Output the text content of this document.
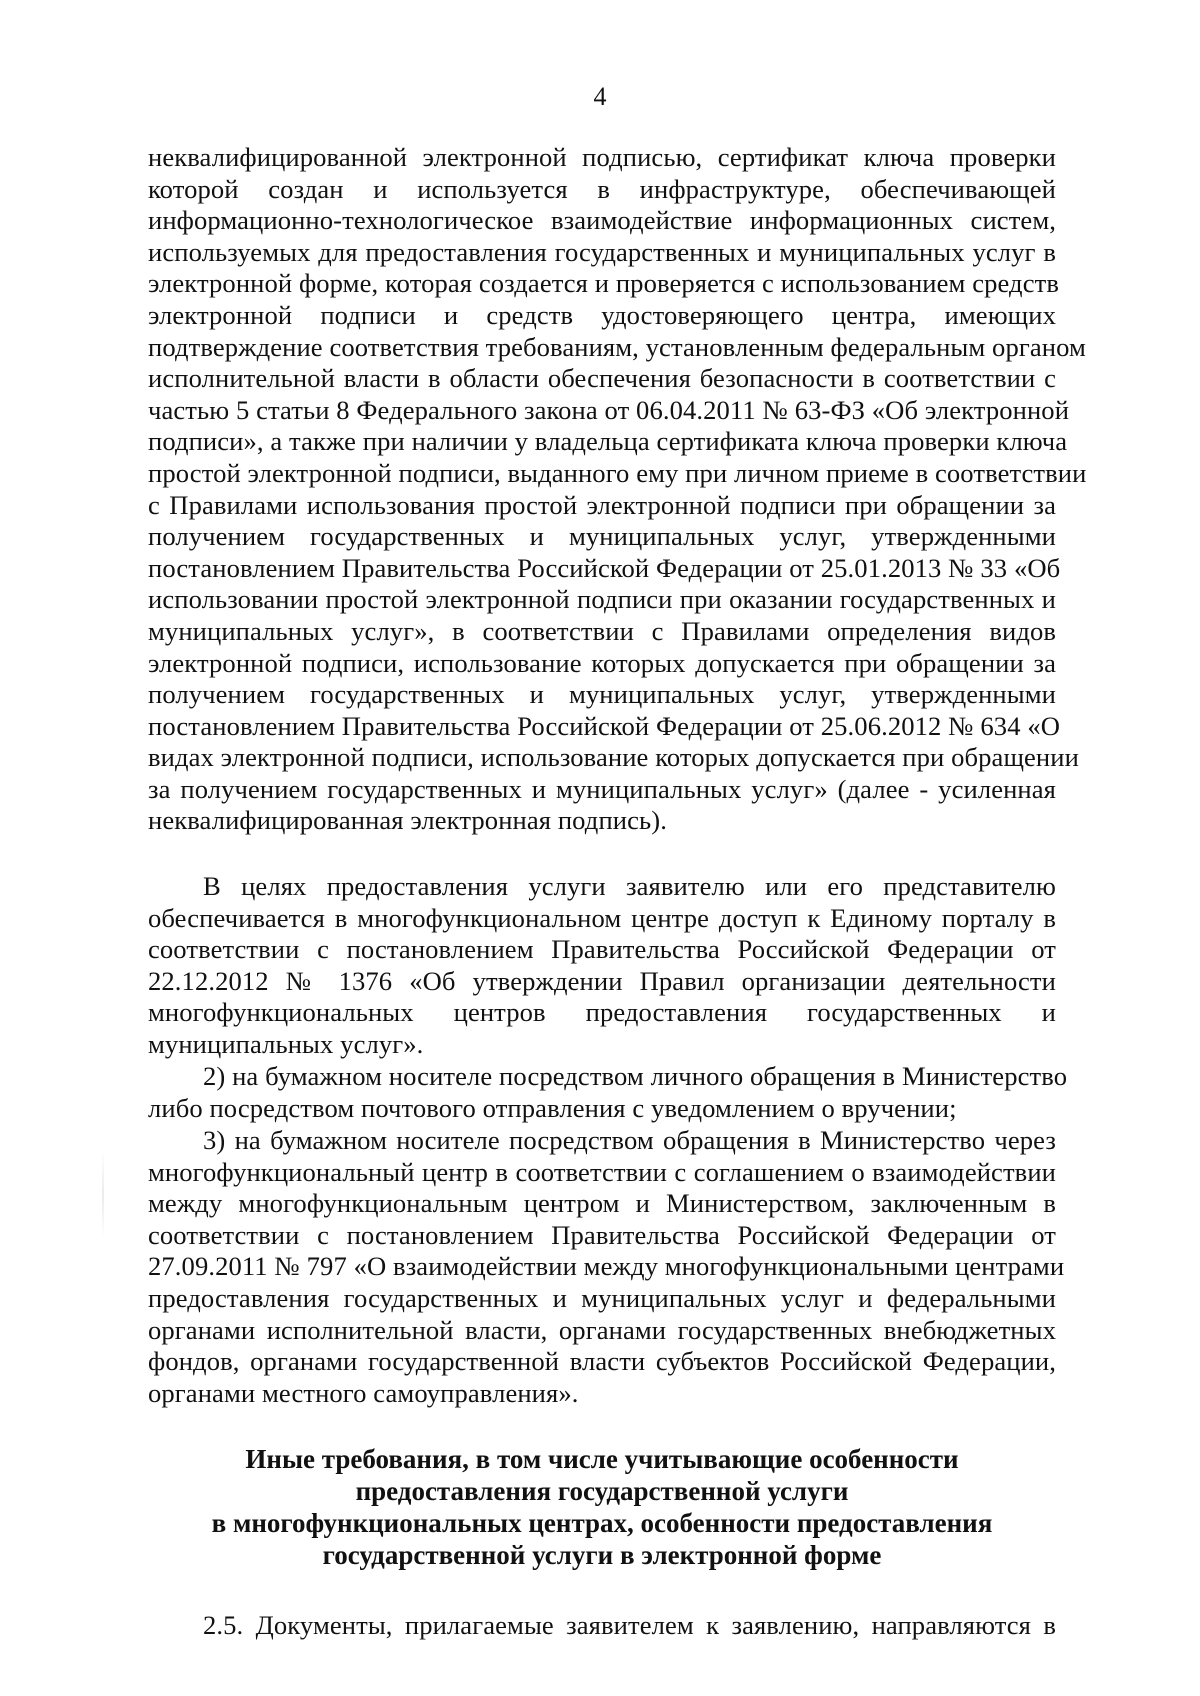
4
неквалифицированной электронной подписью, сертификат ключа проверки
которой создан и используется в инфраструктуре, обеспечивающей
информационно-технологическое взаимодействие информационных систем,
используемых для предоставления государственных и муниципальных услуг в
электронной форме, которая создается и проверяется с использованием средств
электронной подписи и средств удостоверяющего центра, имеющих
подтверждение соответствия требованиям, установленным федеральным органом
исполнительной власти в области обеспечения безопасности в соответствии с
частью 5 статьи 8 Федерального закона от 06.04.2011 № 63-ФЗ «Об электронной
подписи», а также при наличии у владельца сертификата ключа проверки ключа
простой электронной подписи, выданного ему при личном приеме в соответствии
с Правилами использования простой электронной подписи при обращении за
получением государственных и муниципальных услуг, утвержденными
постановлением Правительства Российской Федерации от 25.01.2013 № 33 «Об
использовании простой электронной подписи при оказании государственных и
муниципальных услуг», в соответствии с Правилами определения видов
электронной подписи, использование которых допускается при обращении за
получением государственных и муниципальных услуг, утвержденными
постановлением Правительства Российской Федерации от 25.06.2012 № 634 «О
видах электронной подписи, использование которых допускается при обращении
за получением государственных и муниципальных услуг» (далее - усиленная
неквалифицированная электронная подпись).
В целях предоставления услуги заявителю или его представителю
обеспечивается в многофункциональном центре доступ к Единому порталу в
соответствии с постановлением Правительства Российской Федерации от
22.12.2012 № 1376 «Об утверждении Правил организации деятельности
многофункциональных центров предоставления государственных и
муниципальных услуг».
2) на бумажном носителе посредством личного обращения в Министерство
либо посредством почтового отправления с уведомлением о вручении;
3) на бумажном носителе посредством обращения в Министерство через
многофункциональный центр в соответствии с соглашением о взаимодействии
между многофункциональным центром и Министерством, заключенным в
соответствии с постановлением Правительства Российской Федерации от
27.09.2011 № 797 «О взаимодействии между многофункциональными центрами
предоставления государственных и муниципальных услуг и федеральными
органами исполнительной власти, органами государственных внебюджетных
фондов, органами государственной власти субъектов Российской Федерации,
органами местного самоуправления».
Иные требования, в том числе учитывающие особенности
предоставления государственной услуги
в многофункциональных центрах, особенности предоставления
государственной услуги в электронной форме
2.5. Документы, прилагаемые заявителем к заявлению, направляются в
